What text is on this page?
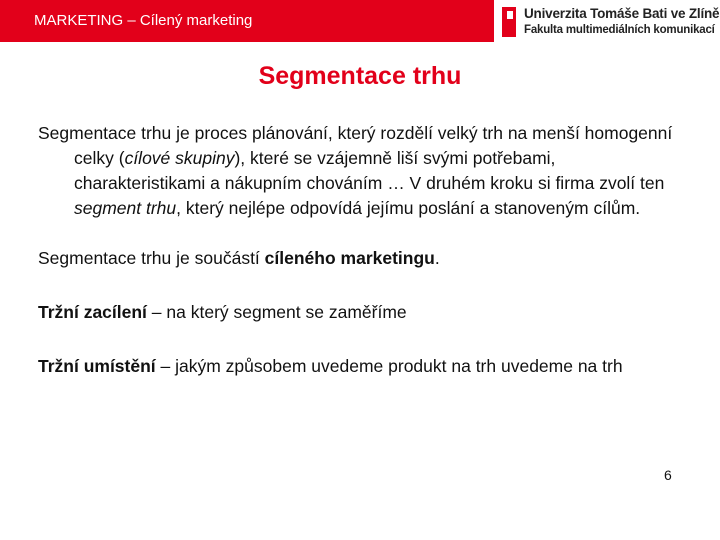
MARKETING – Cílený marketing	Univerzita Tomáše Bati ve Zlíně
Fakulta multimediálních komunikací
Segmentace trhu

Segmentace trhu je proces plánování, který rozdělí velký trh na menší homogenní celky (cílové skupiny), které se vzájemně liší svými potřebami, charakteristikami a nákupním chováním … V druhém kroku si firma zvolí ten segment trhu, který nejlépe odpovídá jejímu poslání a stanoveným cílům.

Segmentace trhu je součástí cíleného marketingu.

Tržní zacílení – na který segment se zaměříme

Tržní umístění – jakým způsobem uvedeme produkt na trh uvedeme na trh

6
